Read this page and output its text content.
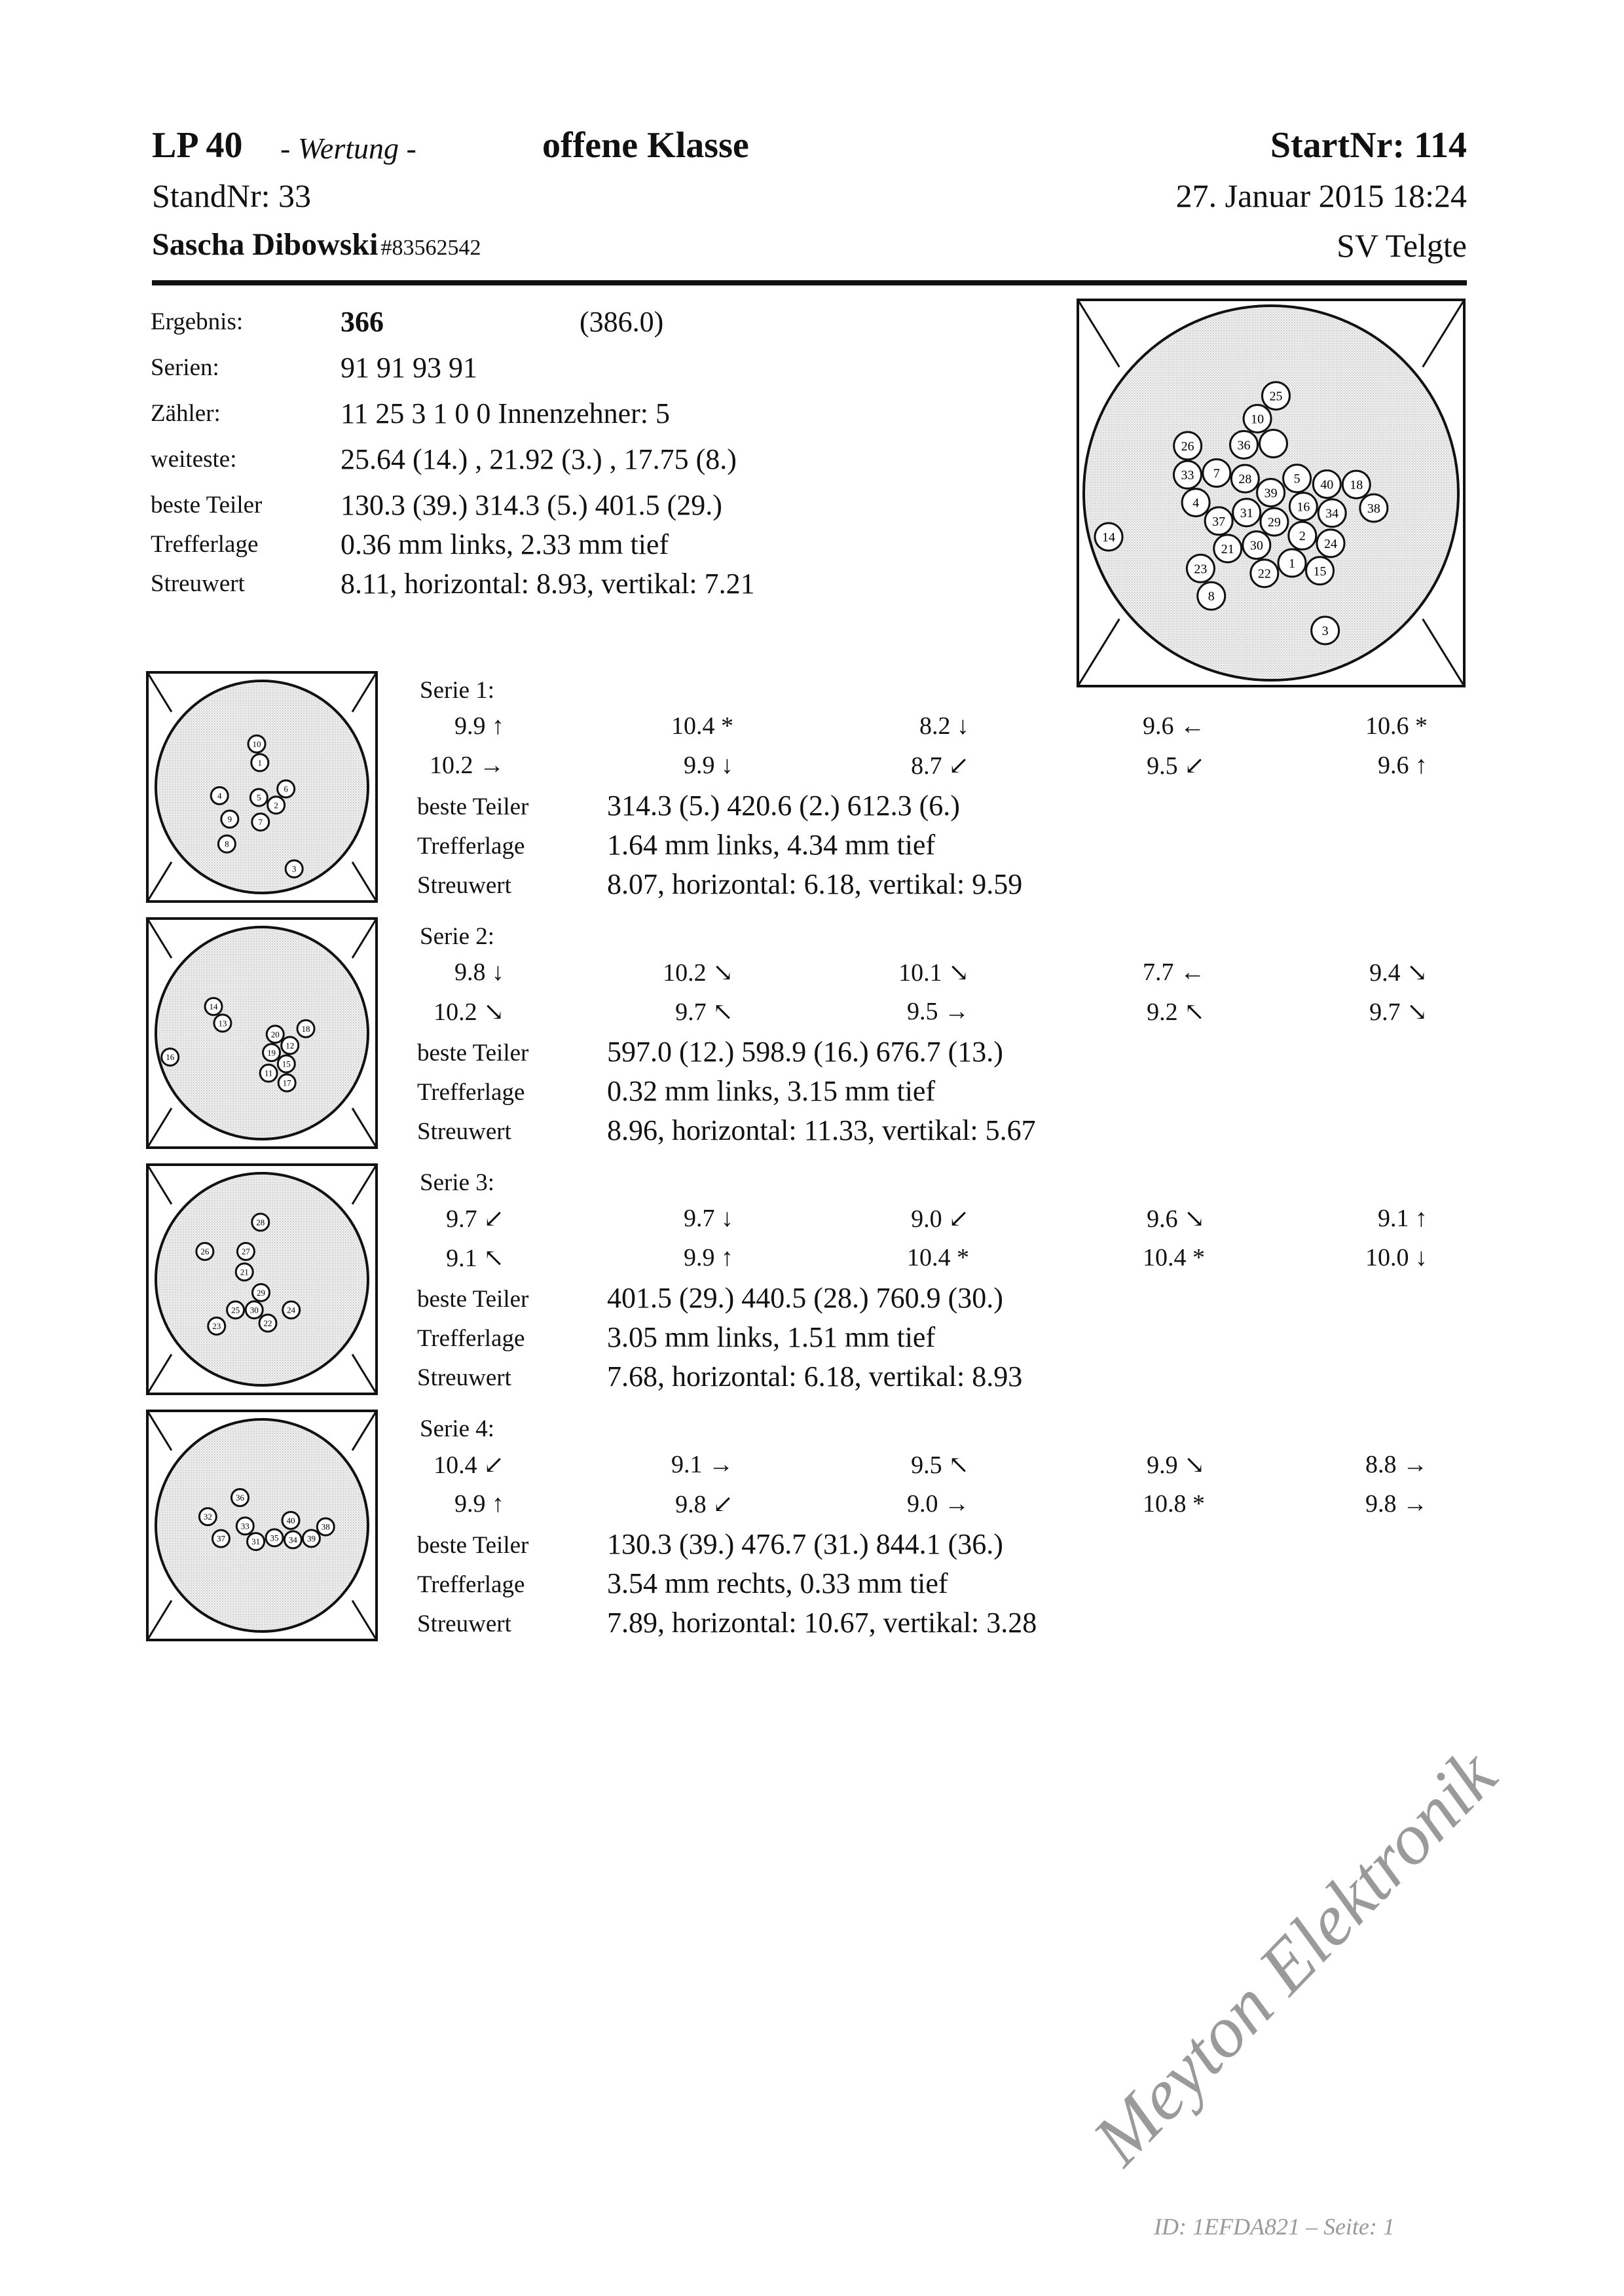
LP 40 - Wertung -	offene Klasse	StartNr: 114
StandNr: 33	27. Januar 2015 18:24
Sascha Dibowski #83562542	SV Telgte
Ergebnis:	366	(386.0)
Serien:	91 91 93 91
Zähler:	11 25 3 1 0 0 Innenzehner: 5
weiteste:	25.64 (14.) , 21.92 (3.) , 17.75 (8.)
beste Teiler	130.3 (39.) 314.3 (5.) 401.5 (29.)
Trefferlage	0.36 mm links, 2.33 mm tief
Streuwert	8.11, horizontal: 8.93, vertikal: 7.21
25
10
26	36
33 7 28
39
40 18
4
37
31
29
16 34 38
14
21 30
1
22
24
15
23
8
3
2
5
10
1
4
9
5
6
2
7
8
3
Serie 1:
9.9 ↑	10.4 *	8.2 ↓	9.6 ←	10.6 *
10.2 →	9.9 ↓	8.7 ↙	9.5 ↙	9.6 ↑
beste Teiler	314.3 (5.) 420.6 (2.) 612.3 (6.)
Trefferlage	1.64 mm links, 4.34 mm tief
Streuwert	8.07, horizontal: 6.18, vertikal: 9.59
14
13
18
12
19
11
17
16
20
15
Serie 2:
9.8 ↓	10.2 ↘	10.1 ↘	7.7 ←	9.4 ↘
10.2 ↘	9.7 ↖	9.5 →	9.2 ↖	9.7 ↘
beste Teiler	597.0 (12.) 598.9 (16.) 676.7 (13.)
Trefferlage	0.32 mm links, 3.15 mm tief
Streuwert	8.96, horizontal: 11.33, vertikal: 5.67
28
26	27
21
29
25 30
22
23
24
Serie 3:
9.7 ↙	9.7 ↓	9.0 ↙	9.6 ↘	9.1 ↑
9.1 ↖	9.9 ↑	10.4 *	10.4 *	10.0 ↓
beste Teiler	401.5 (29.) 440.5 (28.) 760.9 (30.)
Trefferlage	3.05 mm links, 1.51 mm tief
Streuwert	7.68, horizontal: 6.18, vertikal: 8.93
36
32
37
33
31
40
38
34 39
35
Serie 4:
10.4 ↙	9.1 →	9.5 ↖	9.9 ↘	8.8 →
9.9 ↑	9.8 ↙	9.0 →	10.8 *	9.8 →
beste Teiler	130.3 (39.) 476.7 (31.) 844.1 (36.)
Trefferlage	3.54 mm rechts, 0.33 mm tief
Streuwert	7.89, horizontal: 10.67, vertikal: 3.28
Meyton Elektronik
ID: 1EFDA821 – Seite: 1
